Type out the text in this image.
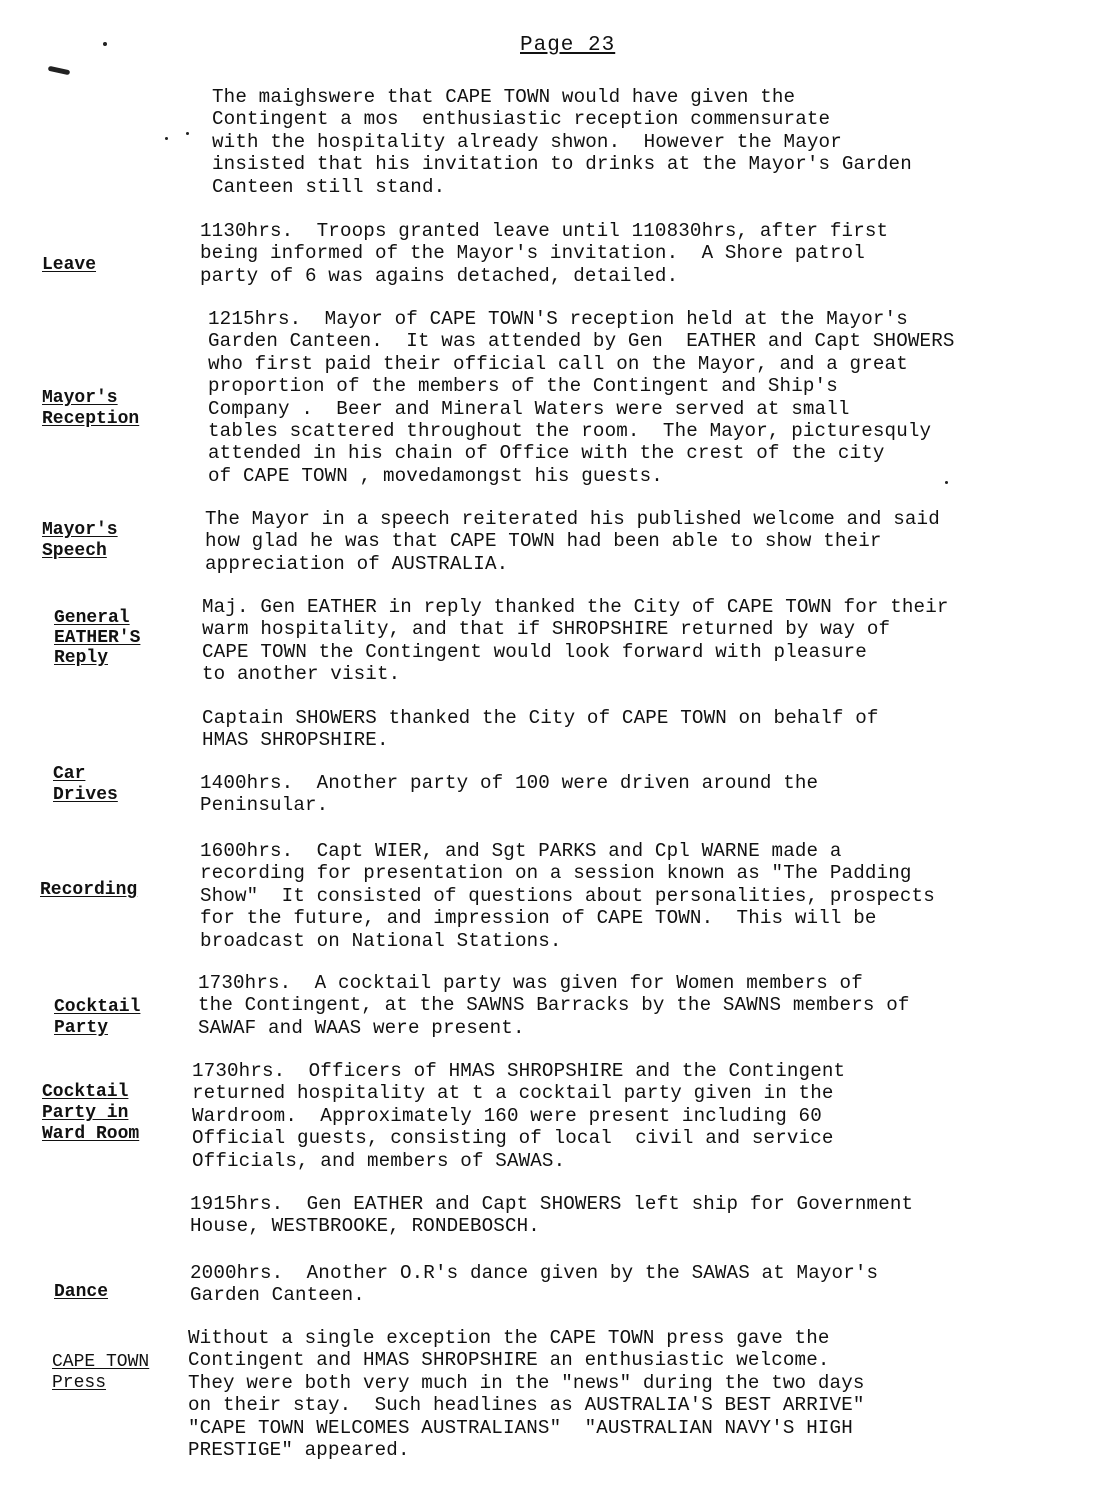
Page 23
The maighswere that CAPE TOWN would have given the
Contingent a mos  enthusiastic reception commensurate
with the hospitality already shwon.  However the Mayor
insisted that his invitation to drinks at the Mayor's Garden
Canteen still stand.
Leave
1130hrs.  Troops granted leave until 110830hrs, after first
being informed of the Mayor's invitation.  A Shore patrol
party of 6 was agains detached, detailed.
Mayor's
Reception
1215hrs.  Mayor of CAPE TOWN'S reception held at the Mayor's
Garden Canteen.  It was attended by Gen  EATHER and Capt SHOWERS
who first paid their official call on the Mayor, and a great
proportion of the members of the Contingent and Ship's
Company .  Beer and Mineral Waters were served at small
tables scattered throughout the room.  The Mayor, picturesquly
attended in his chain of Office with the crest of the city
of CAPE TOWN , movedamongst his guests.
Mayor's
Speech
The Mayor in a speech reiterated his published welcome and said
how glad he was that CAPE TOWN had been able to show their
appreciation of AUSTRALIA.
General
EATHER'S
Reply
Maj. Gen EATHER in reply thanked the City of CAPE TOWN for their
warm hospitality, and that if SHROPSHIRE returned by way of
CAPE TOWN the Contingent would look forward with pleasure
to another visit.
Captain SHOWERS thanked the City of CAPE TOWN on behalf of
HMAS SHROPSHIRE.
Car
Drives
1400hrs.  Another party of 100 were driven around the
Peninsular.
Recording
1600hrs.  Capt WIER, and Sgt PARKS and Cpl WARNE made a
recording for presentation on a session known as "The Padding
Show"  It consisted of questions about personalities, prospects
for the future, and impression of CAPE TOWN.  This will be
broadcast on National Stations.
Cocktail
Party
1730hrs.  A cocktail party was given for Women members of
the Contingent, at the SAWNS Barracks by the SAWNS members of
SAWAF and WAAS were present.
Cocktail
Party in
Ward Room
1730hrs.  Officers of HMAS SHROPSHIRE and the Contingent
returned hospitality at t a cocktail party given in the
Wardroom.  Approximately 160 were present including 60
Official guests, consisting of local  civil and service
Officials, and members of SAWAS.
1915hrs.  Gen EATHER and Capt SHOWERS left ship for Government
House, WESTBROOKE, RONDEBOSCH.
Dance
2000hrs.  Another O.R's dance given by the SAWAS at Mayor's
Garden Canteen.
CAPE TOWN
Press
Without a single exception the CAPE TOWN press gave the
Contingent and HMAS SHROPSHIRE an enthusiastic welcome.
They were both very much in the "news" during the two days
on their stay.  Such headlines as AUSTRALIA'S BEST ARRIVE"
"CAPE TOWN WELCOMES AUSTRALIANS"  "AUSTRALIAN NAVY'S HIGH
PRESTIGE" appeared.
